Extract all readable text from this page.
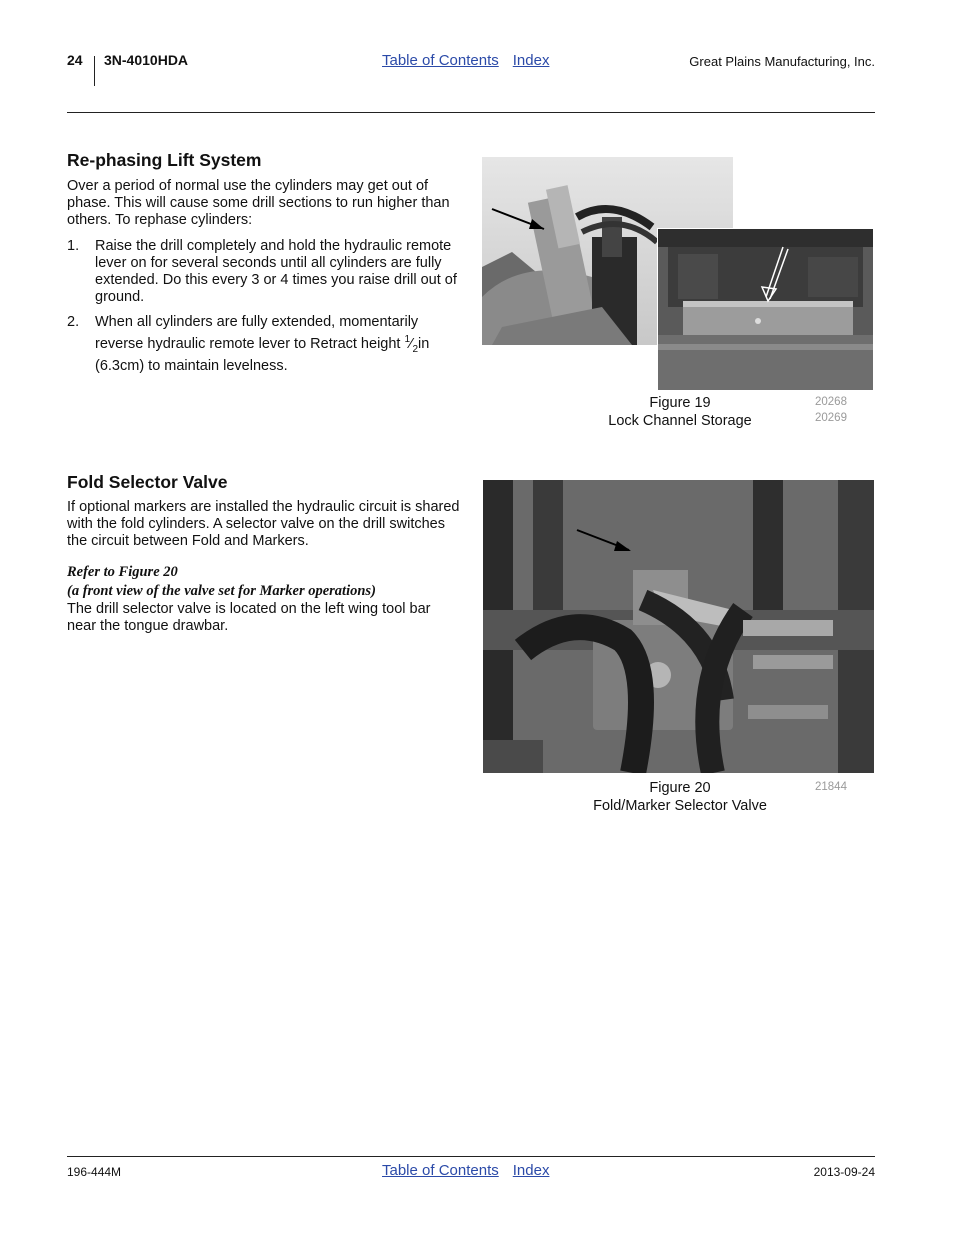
24 3N-4010HDA	Table of Contents Index	Great Plains Manufacturing, Inc.
Re-phasing Lift System

Over a period of normal use the cylinders may get out of phase. This will cause some drill sections to run higher than others. To rephase cylinders:

1. Raise the drill completely and hold the hydraulic remote lever on for several seconds until all cylinders are fully extended. Do this every 3 or 4 times you raise drill out of ground.
2. When all cylinders are fully extended, momentarily reverse hydraulic remote lever to Retract height $^1⁄_2in$ (6.3cm) to maintain levelness.
Figure 19
Lock Channel Storage
20268
20269
Fold Selector Valve

If optional markers are installed the hydraulic circuit is shared with the fold cylinders. A selector valve on the drill switches the circuit between Fold and Markers.

Refer to Figure 20
(a front view of the valve set for Marker operations)

The drill selector valve is located on the left wing tool bar near the tongue drawbar.

Figure 20
Fold/Marker Selector Valve
21844
196-444M	Table of Contents Index	2013-09-24
